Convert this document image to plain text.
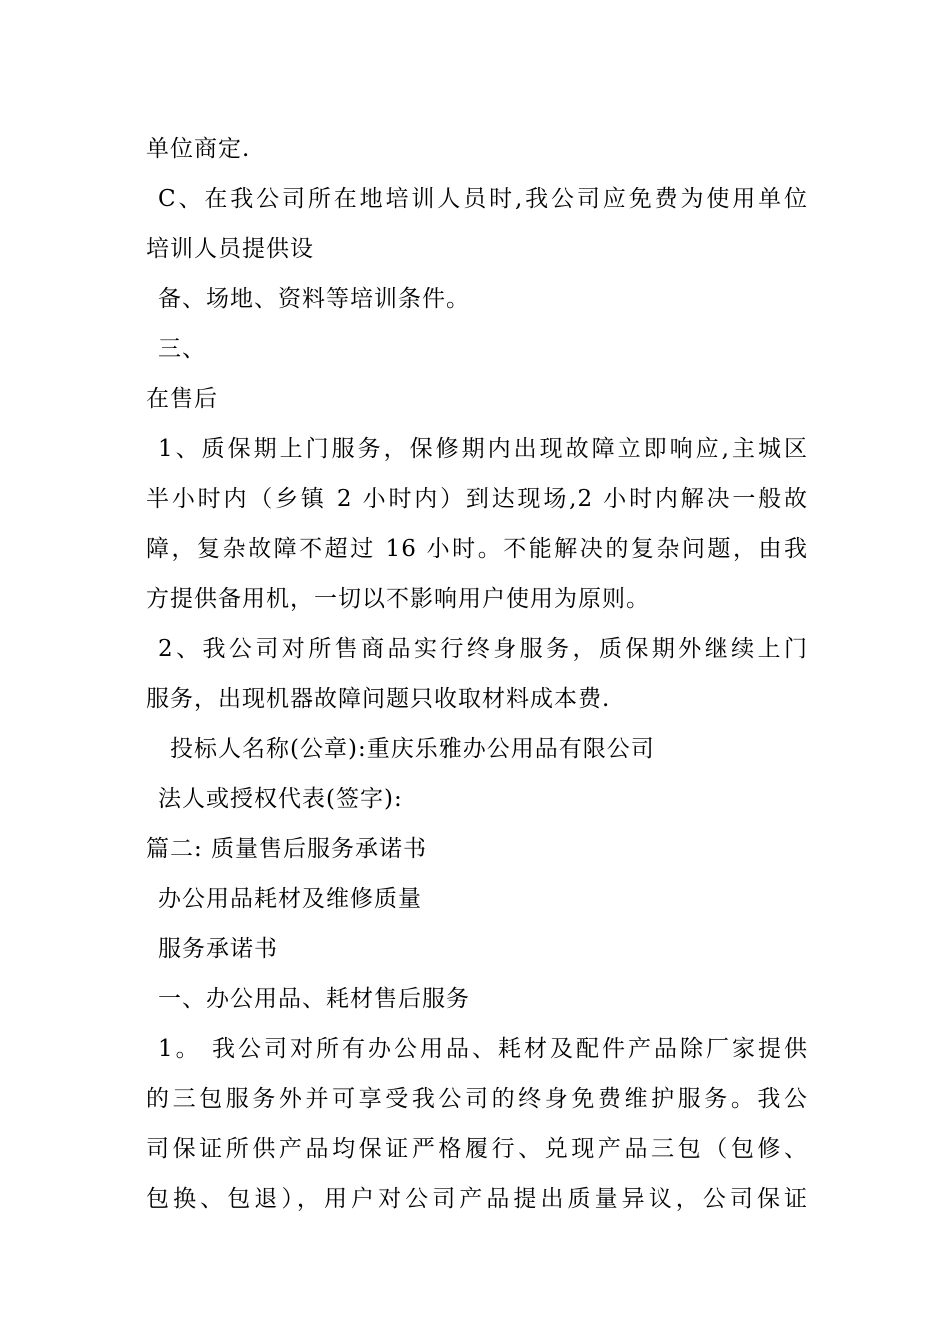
单位商定.
C、在我公司所在地培训人员时,我公司应免费为使用单位
培训人员提供设
备、场地、资料等培训条件。
三、
在售后
1、质保期上门服务，保修期内出现故障立即响应,主城区
半小时内（乡镇 2 小时内）到达现场,2 小时内解决一般故
障，复杂故障不超过 16 小时。不能解决的复杂问题，由我
方提供备用机，一切以不影响用户使用为原则。
2、我公司对所售商品实行终身服务，质保期外继续上门
服务，出现机器故障问题只收取材料成本费.
投标人名称(公章):重庆乐雅办公用品有限公司
法人或授权代表(签字):
篇二: 质量售后服务承诺书
办公用品耗材及维修质量
服务承诺书
一、办公用品、耗材售后服务
1。 我公司对所有办公用品、耗材及配件产品除厂家提供
的三包服务外并可享受我公司的终身免费维护服务。我公
司保证所供产品均保证严格履行、兑现产品三包（包修、
包换、包退），用户对公司产品提出质量异议，公司保证
